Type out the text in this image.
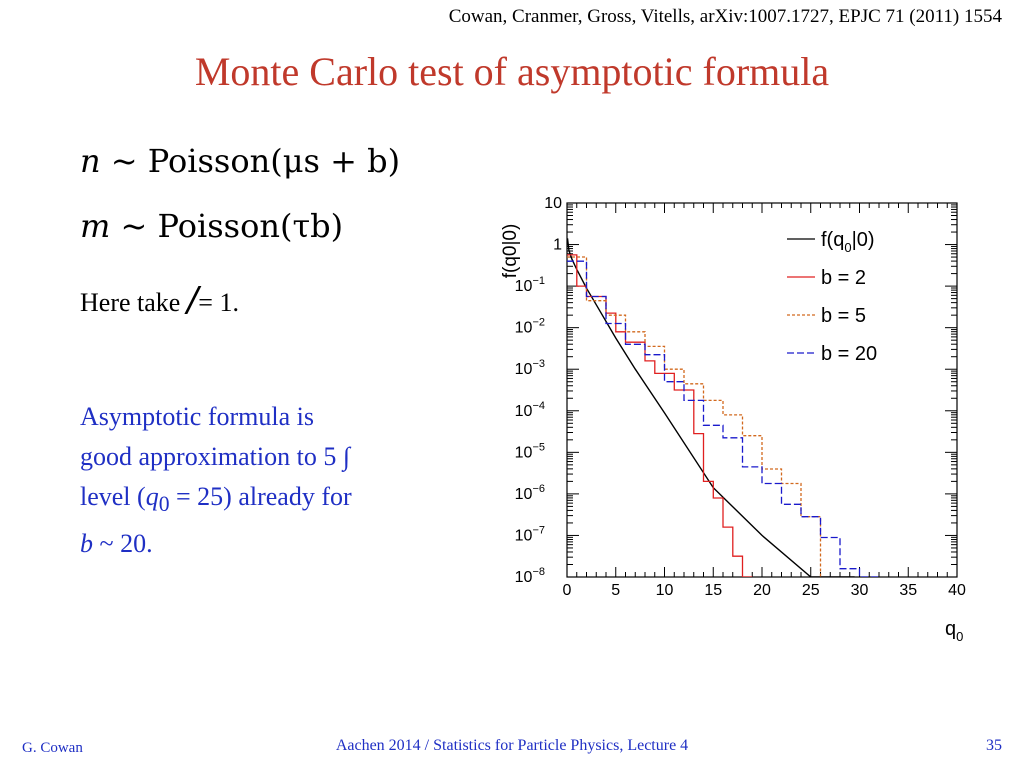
Cowan, Cranmer, Gross, Vitells, arXiv:1007.1727, EPJC 71 (2011) 1554
Monte Carlo test of asymptotic formula
n ~ Poisson(μs + b)
m ~ Poisson(τb)
Here take /= 1.
Asymptotic formula is
good approximation to 5 ∫
level $(q_0 = 25)$ already for
b ~ 20.
0 5 10 15 20 25 30 35 40
$10^{-8}$
$10^{-7}$
$10^{-6}$
$10^{-5}$
$10^{-4}$
$10^{-3}$
$10^{-2}$
$10^{-1}$
1
10
$q_0$
f(q0|0)	$f(q_0|0)$
b = 2
b = 5
b = 20
G. Cowan	Aachen 2014 / Statistics for Particle Physics, Lecture 4	35
